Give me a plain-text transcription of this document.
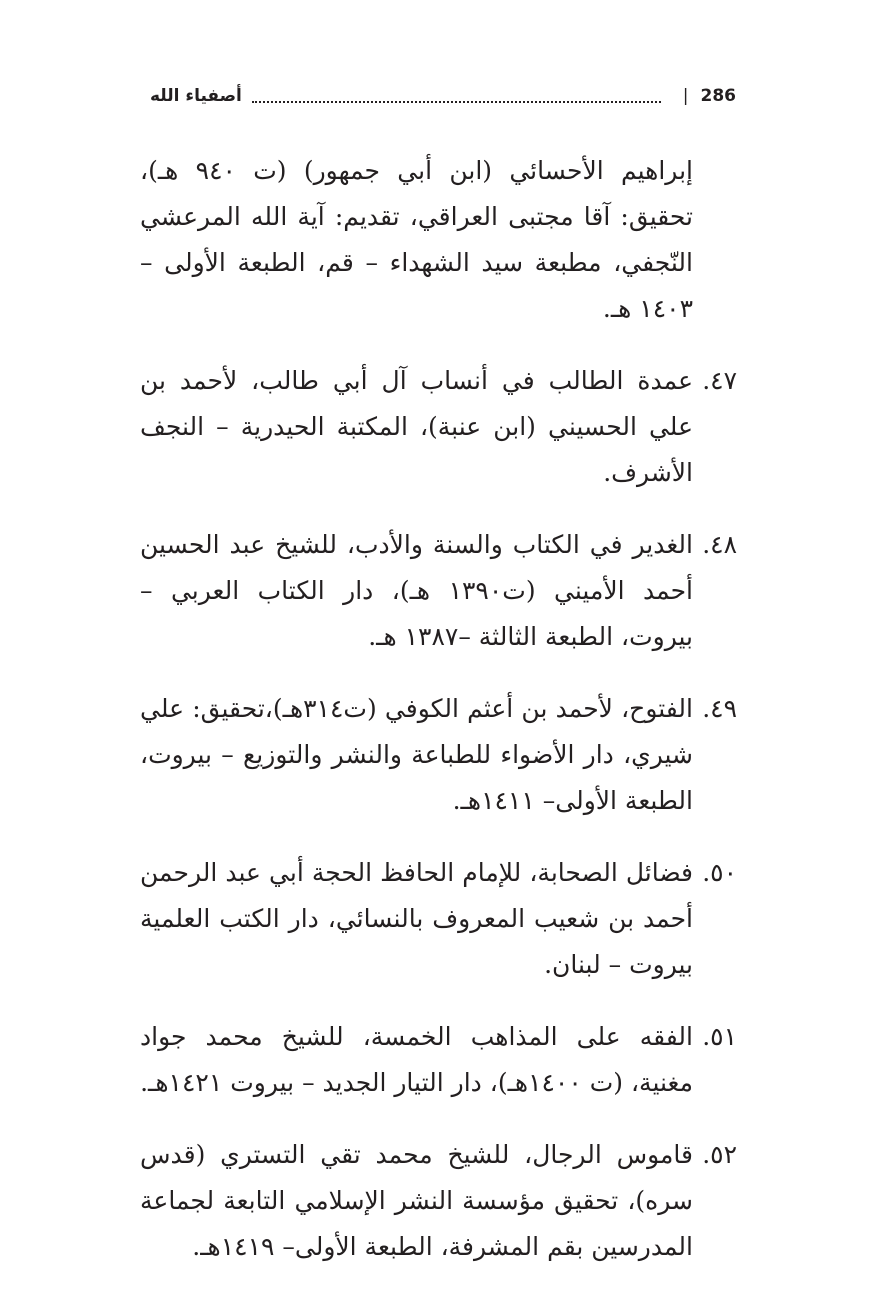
أصفياء الله	| 286
إبراهيم الأحسائي (ابن أبي جمهور) (ت ٩٤٠ هـ)، تحقيق: آقا مجتبى العراقي، تقديم: آية الله المرعشي النّجفي، مطبعة سيد الشهداء – قم، الطبعة الأولى – ١٤٠٣ هـ.
٤٧.
عمدة الطالب في أنساب آل أبي طالب، لأحمد بن علي الحسيني (ابن عنبة)، المكتبة الحيدرية – النجف الأشرف.
٤٨.
الغدير في الكتاب والسنة والأدب، للشيخ عبد الحسين أحمد الأميني (ت١٣٩٠ هـ)، دار الكتاب العربي – بيروت، الطبعة الثالثة –١٣٨٧ هـ.
٤٩.
الفتوح، لأحمد بن أعثم الكوفي (ت٣١٤هـ)،تحقيق: علي شيري، دار الأضواء للطباعة والنشر والتوزيع – بيروت، الطبعة الأولى– ١٤١١هـ.
٥٠.
فضائل الصحابة، للإمام الحافظ الحجة أبي عبد الرحمن أحمد بن شعيب المعروف بالنسائي، دار الكتب العلمية بيروت – لبنان.
٥١.
الفقه على المذاهب الخمسة، للشيخ محمد جواد مغنية، (ت ١٤٠٠هـ)، دار التيار الجديد – بيروت ١٤٢١هـ.
٥٢.
قاموس الرجال، للشيخ محمد تقي التستري (قدس سره)، تحقيق مؤسسة النشر الإسلامي التابعة لجماعة المدرسين بقم المشرفة، الطبعة الأولى– ١٤١٩هـ.
